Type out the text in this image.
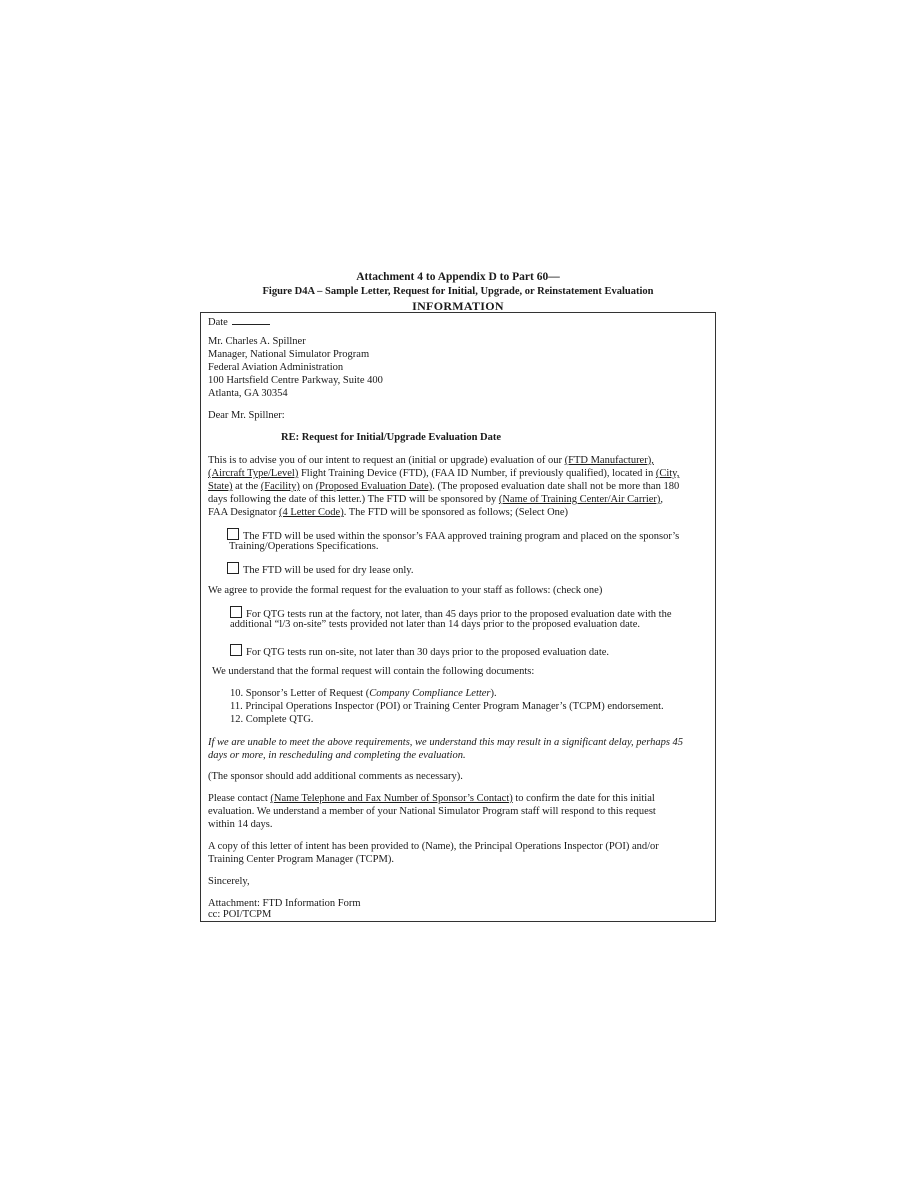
Attachment 4 to Appendix D to Part 60—
Figure D4A – Sample Letter, Request for Initial, Upgrade, or Reinstatement Evaluation
INFORMATION
Date
Mr. Charles A. Spillner
Manager, National Simulator Program
Federal Aviation Administration
100 Hartsfield Centre Parkway, Suite 400
Atlanta, GA 30354
Dear Mr. Spillner:
RE: Request for Initial/Upgrade Evaluation Date
This is to advise you of our intent to request an (initial or upgrade) evaluation of our (FTD Manufacturer),
(Aircraft Type/Level) Flight Training Device (FTD), (FAA ID Number, if previously qualified), located in (City,
State) at the (Facility) on (Proposed Evaluation Date). (The proposed evaluation date shall not be more than 180
days following the date of this letter.) The FTD will be sponsored by (Name of Training Center/Air Carrier),
FAA Designator (4 Letter Code). The FTD will be sponsored as follows; (Select One)
The FTD will be used within the sponsor’s FAA approved training program and placed on the sponsor’s
Training/Operations Specifications.
The FTD will be used for dry lease only.
We agree to provide the formal request for the evaluation to your staff as follows: (check one)
For QTG tests run at the factory, not later, than 45 days prior to the proposed evaluation date with the
additional “l/3 on-site” tests provided not later than 14 days prior to the proposed evaluation date.
For QTG tests run on-site, not later than 30 days prior to the proposed evaluation date.
We understand that the formal request will contain the following documents:
10. Sponsor’s Letter of Request (Company Compliance Letter).
11. Principal Operations Inspector (POI) or Training Center Program Manager’s (TCPM) endorsement.
12. Complete QTG.
If we are unable to meet the above requirements, we understand this may result in a significant delay, perhaps 45
days or more, in rescheduling and completing the evaluation.
(The sponsor should add additional comments as necessary).
Please contact (Name Telephone and Fax Number of Sponsor’s Contact) to confirm the date for this initial
evaluation. We understand a member of your National Simulator Program staff will respond to this request
within 14 days.
A copy of this letter of intent has been provided to (Name), the Principal Operations Inspector (POI) and/or
Training Center Program Manager (TCPM).
Sincerely,
Attachment: FTD Information Form
cc: POI/TCPM
